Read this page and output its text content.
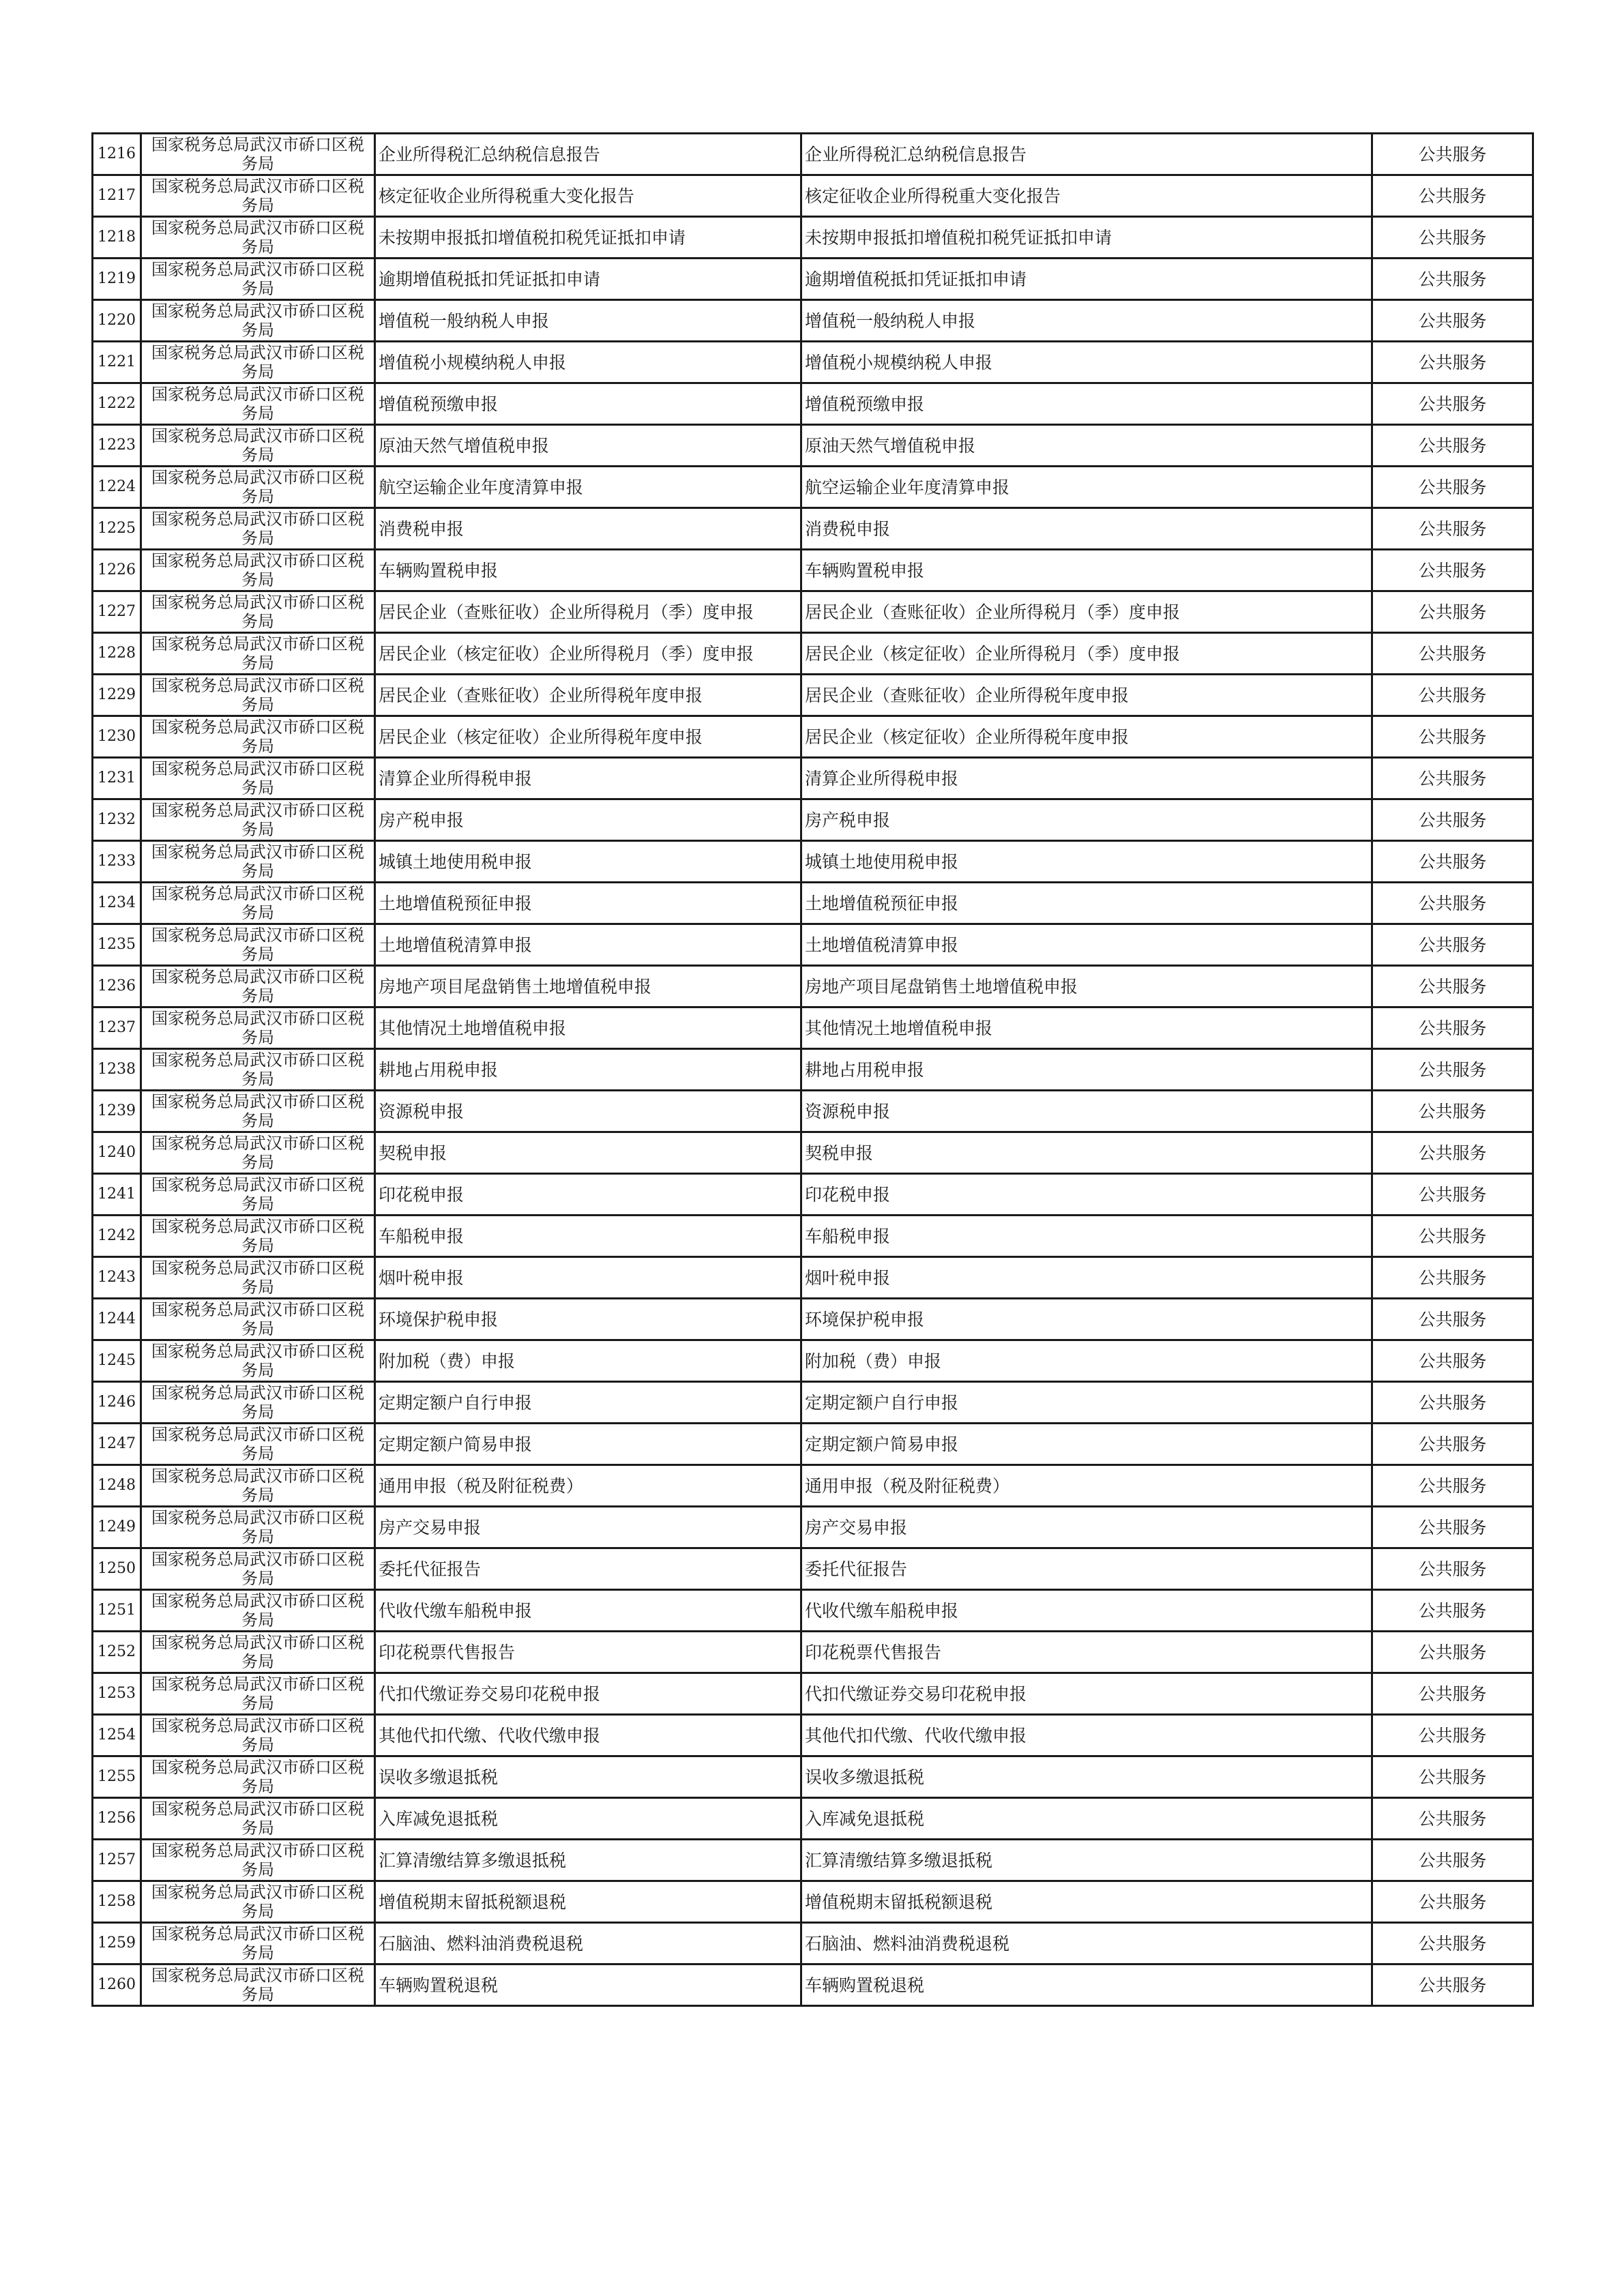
1216	国家税务总局武汉市硚口区税务局	企业所得税汇总纳税信息报告	企业所得税汇总纳税信息报告	公共服务
1217	国家税务总局武汉市硚口区税务局	核定征收企业所得税重大变化报告	核定征收企业所得税重大变化报告	公共服务
1218	国家税务总局武汉市硚口区税务局	未按期申报抵扣增值税扣税凭证抵扣申请	未按期申报抵扣增值税扣税凭证抵扣申请	公共服务
1219	国家税务总局武汉市硚口区税务局	逾期增值税抵扣凭证抵扣申请	逾期增值税抵扣凭证抵扣申请	公共服务
1220	国家税务总局武汉市硚口区税务局	增值税一般纳税人申报	增值税一般纳税人申报	公共服务
1221	国家税务总局武汉市硚口区税务局	增值税小规模纳税人申报	增值税小规模纳税人申报	公共服务
1222	国家税务总局武汉市硚口区税务局	增值税预缴申报	增值税预缴申报	公共服务
1223	国家税务总局武汉市硚口区税务局	原油天然气增值税申报	原油天然气增值税申报	公共服务
1224	国家税务总局武汉市硚口区税务局	航空运输企业年度清算申报	航空运输企业年度清算申报	公共服务
1225	国家税务总局武汉市硚口区税务局	消费税申报	消费税申报	公共服务
1226	国家税务总局武汉市硚口区税务局	车辆购置税申报	车辆购置税申报	公共服务
1227	国家税务总局武汉市硚口区税务局	居民企业（查账征收）企业所得税月（季）度申报	居民企业（查账征收）企业所得税月（季）度申报	公共服务
1228	国家税务总局武汉市硚口区税务局	居民企业（核定征收）企业所得税月（季）度申报	居民企业（核定征收）企业所得税月（季）度申报	公共服务
1229	国家税务总局武汉市硚口区税务局	居民企业（查账征收）企业所得税年度申报	居民企业（查账征收）企业所得税年度申报	公共服务
1230	国家税务总局武汉市硚口区税务局	居民企业（核定征收）企业所得税年度申报	居民企业（核定征收）企业所得税年度申报	公共服务
1231	国家税务总局武汉市硚口区税务局	清算企业所得税申报	清算企业所得税申报	公共服务
1232	国家税务总局武汉市硚口区税务局	房产税申报	房产税申报	公共服务
1233	国家税务总局武汉市硚口区税务局	城镇土地使用税申报	城镇土地使用税申报	公共服务
1234	国家税务总局武汉市硚口区税务局	土地增值税预征申报	土地增值税预征申报	公共服务
1235	国家税务总局武汉市硚口区税务局	土地增值税清算申报	土地增值税清算申报	公共服务
1236	国家税务总局武汉市硚口区税务局	房地产项目尾盘销售土地增值税申报	房地产项目尾盘销售土地增值税申报	公共服务
1237	国家税务总局武汉市硚口区税务局	其他情况土地增值税申报	其他情况土地增值税申报	公共服务
1238	国家税务总局武汉市硚口区税务局	耕地占用税申报	耕地占用税申报	公共服务
1239	国家税务总局武汉市硚口区税务局	资源税申报	资源税申报	公共服务
1240	国家税务总局武汉市硚口区税务局	契税申报	契税申报	公共服务
1241	国家税务总局武汉市硚口区税务局	印花税申报	印花税申报	公共服务
1242	国家税务总局武汉市硚口区税务局	车船税申报	车船税申报	公共服务
1243	国家税务总局武汉市硚口区税务局	烟叶税申报	烟叶税申报	公共服务
1244	国家税务总局武汉市硚口区税务局	环境保护税申报	环境保护税申报	公共服务
1245	国家税务总局武汉市硚口区税务局	附加税（费）申报	附加税（费）申报	公共服务
1246	国家税务总局武汉市硚口区税务局	定期定额户自行申报	定期定额户自行申报	公共服务
1247	国家税务总局武汉市硚口区税务局	定期定额户简易申报	定期定额户简易申报	公共服务
1248	国家税务总局武汉市硚口区税务局	通用申报（税及附征税费）	通用申报（税及附征税费）	公共服务
1249	国家税务总局武汉市硚口区税务局	房产交易申报	房产交易申报	公共服务
1250	国家税务总局武汉市硚口区税务局	委托代征报告	委托代征报告	公共服务
1251	国家税务总局武汉市硚口区税务局	代收代缴车船税申报	代收代缴车船税申报	公共服务
1252	国家税务总局武汉市硚口区税务局	印花税票代售报告	印花税票代售报告	公共服务
1253	国家税务总局武汉市硚口区税务局	代扣代缴证券交易印花税申报	代扣代缴证券交易印花税申报	公共服务
1254	国家税务总局武汉市硚口区税务局	其他代扣代缴、代收代缴申报	其他代扣代缴、代收代缴申报	公共服务
1255	国家税务总局武汉市硚口区税务局	误收多缴退抵税	误收多缴退抵税	公共服务
1256	国家税务总局武汉市硚口区税务局	入库减免退抵税	入库减免退抵税	公共服务
1257	国家税务总局武汉市硚口区税务局	汇算清缴结算多缴退抵税	汇算清缴结算多缴退抵税	公共服务
1258	国家税务总局武汉市硚口区税务局	增值税期末留抵税额退税	增值税期末留抵税额退税	公共服务
1259	国家税务总局武汉市硚口区税务局	石脑油、燃料油消费税退税	石脑油、燃料油消费税退税	公共服务
1260	国家税务总局武汉市硚口区税务局	车辆购置税退税	车辆购置税退税	公共服务
